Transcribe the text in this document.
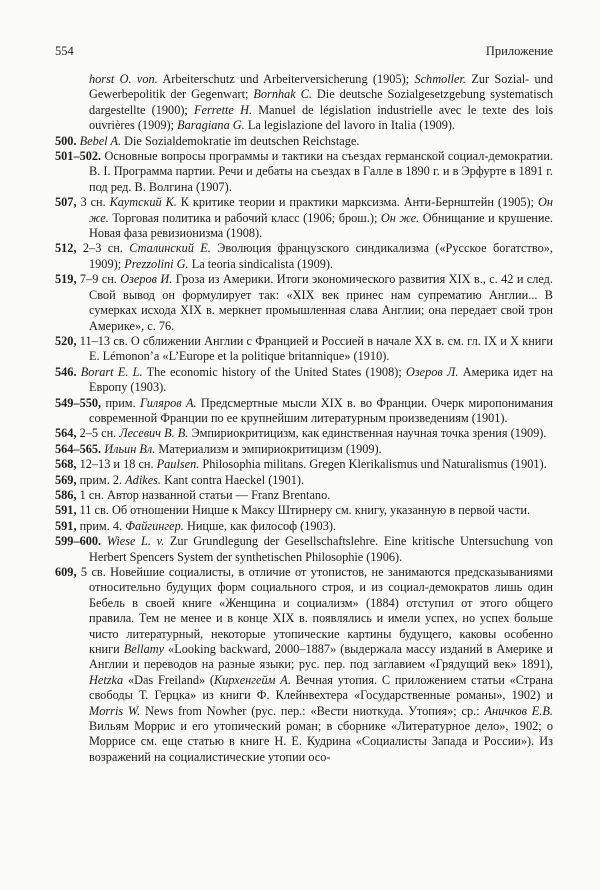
554	Приложение

horst O. von. Arbeiterschutz und Arbeiterversicherung (1905); Schmoller. Zur Sozial- und Gewerbepolitik der Gegenwart; Bornhak C. Die deutsche Sozialgesetzgebung systematisch dargestellte (1900); Ferrette H. Manuel de législation industrielle avec le texte des lois ouvrières (1909); Baragiana G. La legislazione del lavoro in Italia (1909).

500. Bebel A. Die Sozialdemokratie im deutschen Reichstage.

501–502. Основные вопросы программы и тактики на съездах германской социал-демократии. В. I. Программа партии. Речи и дебаты на съездах в Галле в 1890 г. и в Эрфурте в 1891 г. под ред. В. Волгина (1907).

507, 3 сн. Каутский К. К критике теории и практики марксизма. Анти-Бернштейн (1905); Он же. Торговая политика и рабочий класс (1906; брош.); Он же. Обнищание и крушение. Новая фаза ревизионизма (1908).

512, 2–3 сн. Сталинский Е. Эволюция французского синдикализма («Русское богатство», 1909); Prezzolini G. La teoria sindicalista (1909).

519, 7–9 сн. Озеров И. Гроза из Америки. Итоги экономического развития XIX в., с. 42 и след. Свой вывод он формулирует так: «XIX век принес нам супрематию Англии... В сумерках исхода XIX в. меркнет промышленная слава Англии; она передает свой трон Америке», с. 76.

520, 11–13 св. О сближении Англии с Францией и Россией в начале XX в. см. гл. IX и X книги E. Lémonon’a «L’Europe et la politique britannique» (1910).

546. Borart E. L. The economic history of the United States (1908); Озеров Л. Америка идет на Европу (1903).

549–550, прим. Гиляров А. Предсмертные мысли XIX в. во Франции. Очерк миропонимания современной Франции по ее крупнейшим литературным произведениям (1901).

564, 2–5 сн. Лесевич В. В. Эмпириокритицизм, как единственная научная точка зрения (1909).

564–565. Ильин Вл. Материализм и эмпириокритицизм (1909).

568, 12–13 и 18 сн. Paulsen. Philosophia militans. Gregen Klerikalismus und Naturalismus (1901).

569, прим. 2. Adikes. Kant contra Haeckel (1901).

586, 1 сн. Автор названной статьи — Franz Brentano.

591, 11 св. Об отношении Ницше к Максу Штирнеру см. книгу, указанную в первой части.

591, прим. 4. Файгингер. Ницше, как философ (1903).

599–600. Wiese L. v. Zur Grundlegung der Gesellschaftslehre. Eine kritische Untersuchung von Herbert Spencers System der synthetischen Philosophie (1906).

609, 5 св. Новейшие социалисты, в отличие от утопистов, не занимаются предсказываниями относительно будущих форм социального строя, и из социал-демократов лишь один Бебель в своей книге «Женщина и социализм» (1884) отступил от этого общего правила. Тем не менее и в конце XIX в. появлялись и имели успех, но успех больше чисто литературный, некоторые утопические картины будущего, каковы особенно книги Bellamy «Looking backward, 2000–1887» (выдержала массу изданий в Америке и Англии и переводов на разные языки; рус. пер. под заглавием «Грядущий век» 1891), Hetzka «Das Freiland» (Кирхенгейм А. Вечная утопия. С приложением статьи «Страна свободы Т. Герцка» из книги Ф. Клейнвехтера «Государственные романы», 1902) и Morris W. News from Nowher (рус. пер.: «Вести ниоткуда. Утопия»; ср.: Аничков Е.В. Вильям Моррис и его утопический роман; в сборнике «Литературное дело», 1902; о Моррисе см. еще статью в книге Н. Е. Кудрина «Социалисты Запада и России»). Из возражений на социалистические утопии осо-
